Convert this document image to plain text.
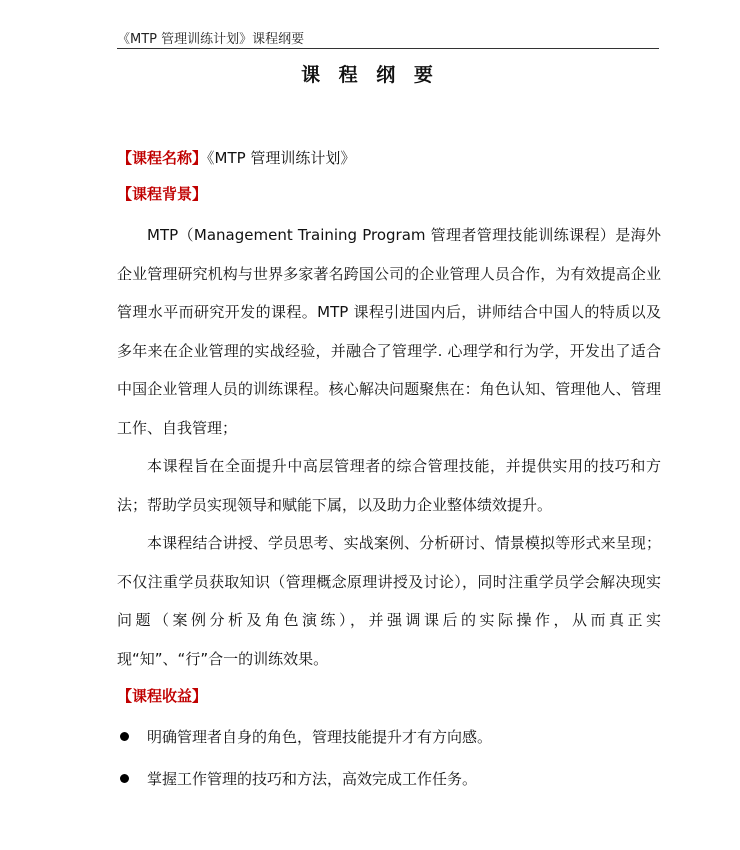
《MTP 管理训练计划》课程纲要
课 程 纲 要
【课程名称】《MTP 管理训练计划》
【课程背景】

MTP（Management Training Program 管理者管理技能训练课程）是海外企业管理研究机构与世界多家著名跨国公司的企业管理人员合作，为有效提高企业管理水平而研究开发的课程。MTP 课程引进国内后，讲师结合中国人的特质以及多年来在企业管理的实战经验，并融合了管理学. 心理学和行为学，开发出了适合中国企业管理人员的训练课程。核心解决问题聚焦在：角色认知、管理他人、管理工作、自我管理；

本课程旨在全面提升中高层管理者的综合管理技能，并提供实用的技巧和方法；帮助学员实现领导和赋能下属，以及助力企业整体绩效提升。

本课程结合讲授、学员思考、实战案例、分析研讨、情景模拟等形式来呈现；不仅注重学员获取知识（管理概念原理讲授及讨论），同时注重学员学会解决现实问题（案例分析及角色演练），并强调课后的实际操作，从而真正实现“知”、“行”合一的训练效果。

【课程收益】
明确管理者自身的角色，管理技能提升才有方向感。
掌握工作管理的技巧和方法，高效完成工作任务。
